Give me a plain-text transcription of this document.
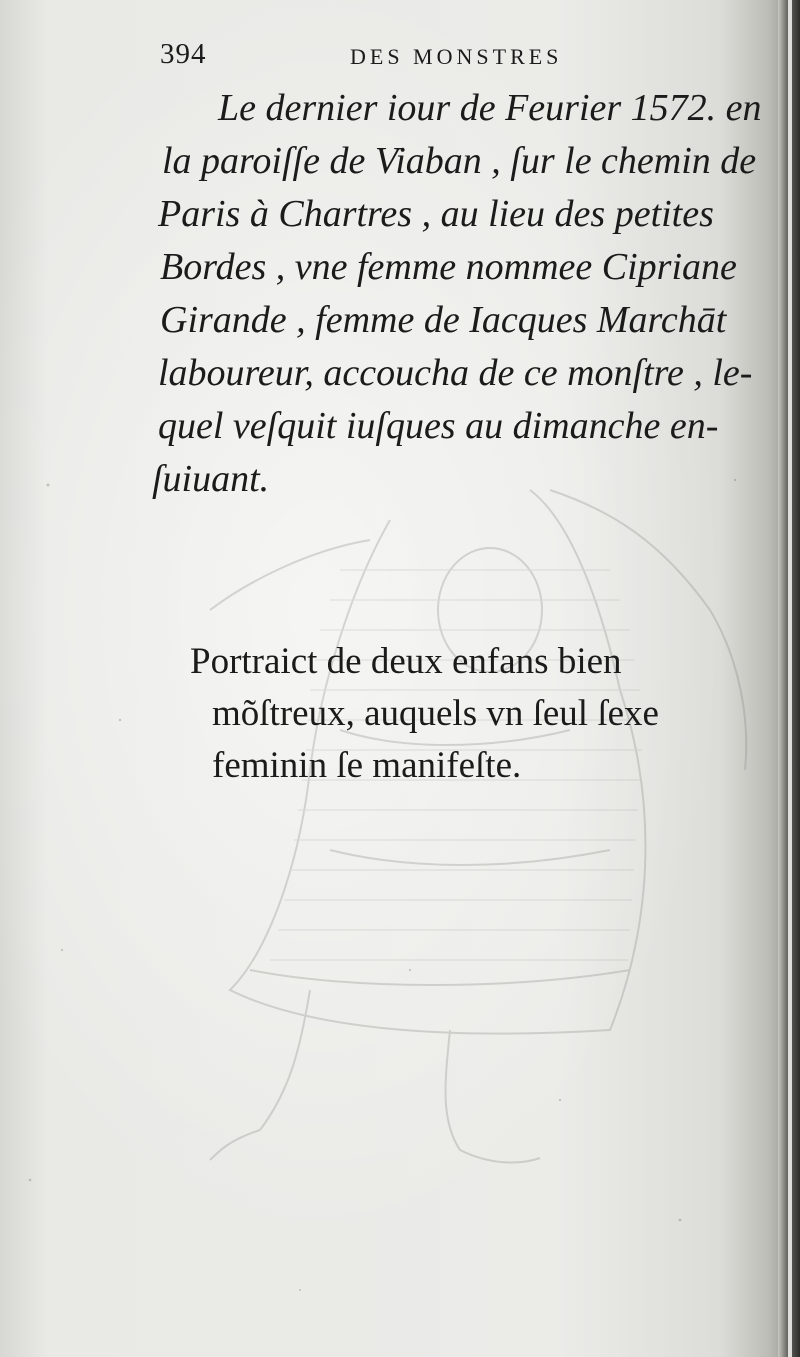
394	DES MONSTRES
Le dernier iour de Feurier 1572. en
la paroiſſe de Viaban , ſur le chemin de
Paris à Chartres , au lieu des petites
Bordes , vne femme nommee Cipriane
Girande , femme de Iacques Marchāt
laboureur, accoucha de ce monſtre , le-
quel veſquit iuſques au dimanche en-
ſuiuant.
Portraict de deux enfans bien
mõſtreux, auquels vn ſeul ſexe
feminin ſe manifeſte.
